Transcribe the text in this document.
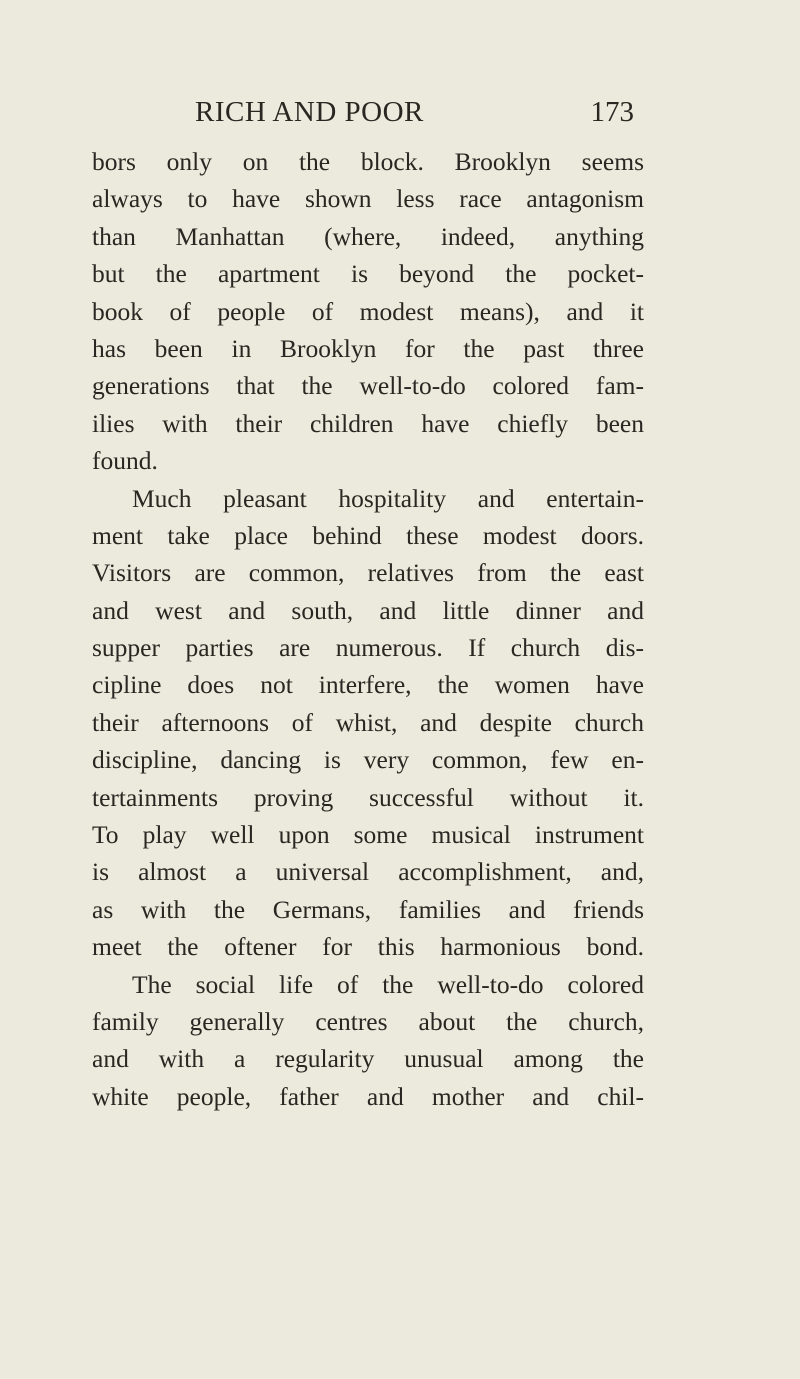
RICH AND POOR	173
bors only on the block. Brooklyn seems
always to have shown less race antagonism
than Manhattan (where, indeed, anything
but the apartment is beyond the pocket-
book of people of modest means), and it
has been in Brooklyn for the past three
generations that the well-to-do colored fam-
ilies with their children have chiefly been
found.
Much pleasant hospitality and entertain-
ment take place behind these modest doors.
Visitors are common, relatives from the east
and west and south, and little dinner and
supper parties are numerous. If church dis-
cipline does not interfere, the women have
their afternoons of whist, and despite church
discipline, dancing is very common, few en-
tertainments proving successful without it.
To play well upon some musical instrument
is almost a universal accomplishment, and,
as with the Germans, families and friends
meet the oftener for this harmonious bond.
The social life of the well-to-do colored
family generally centres about the church,
and with a regularity unusual among the
white people, father and mother and chil-
